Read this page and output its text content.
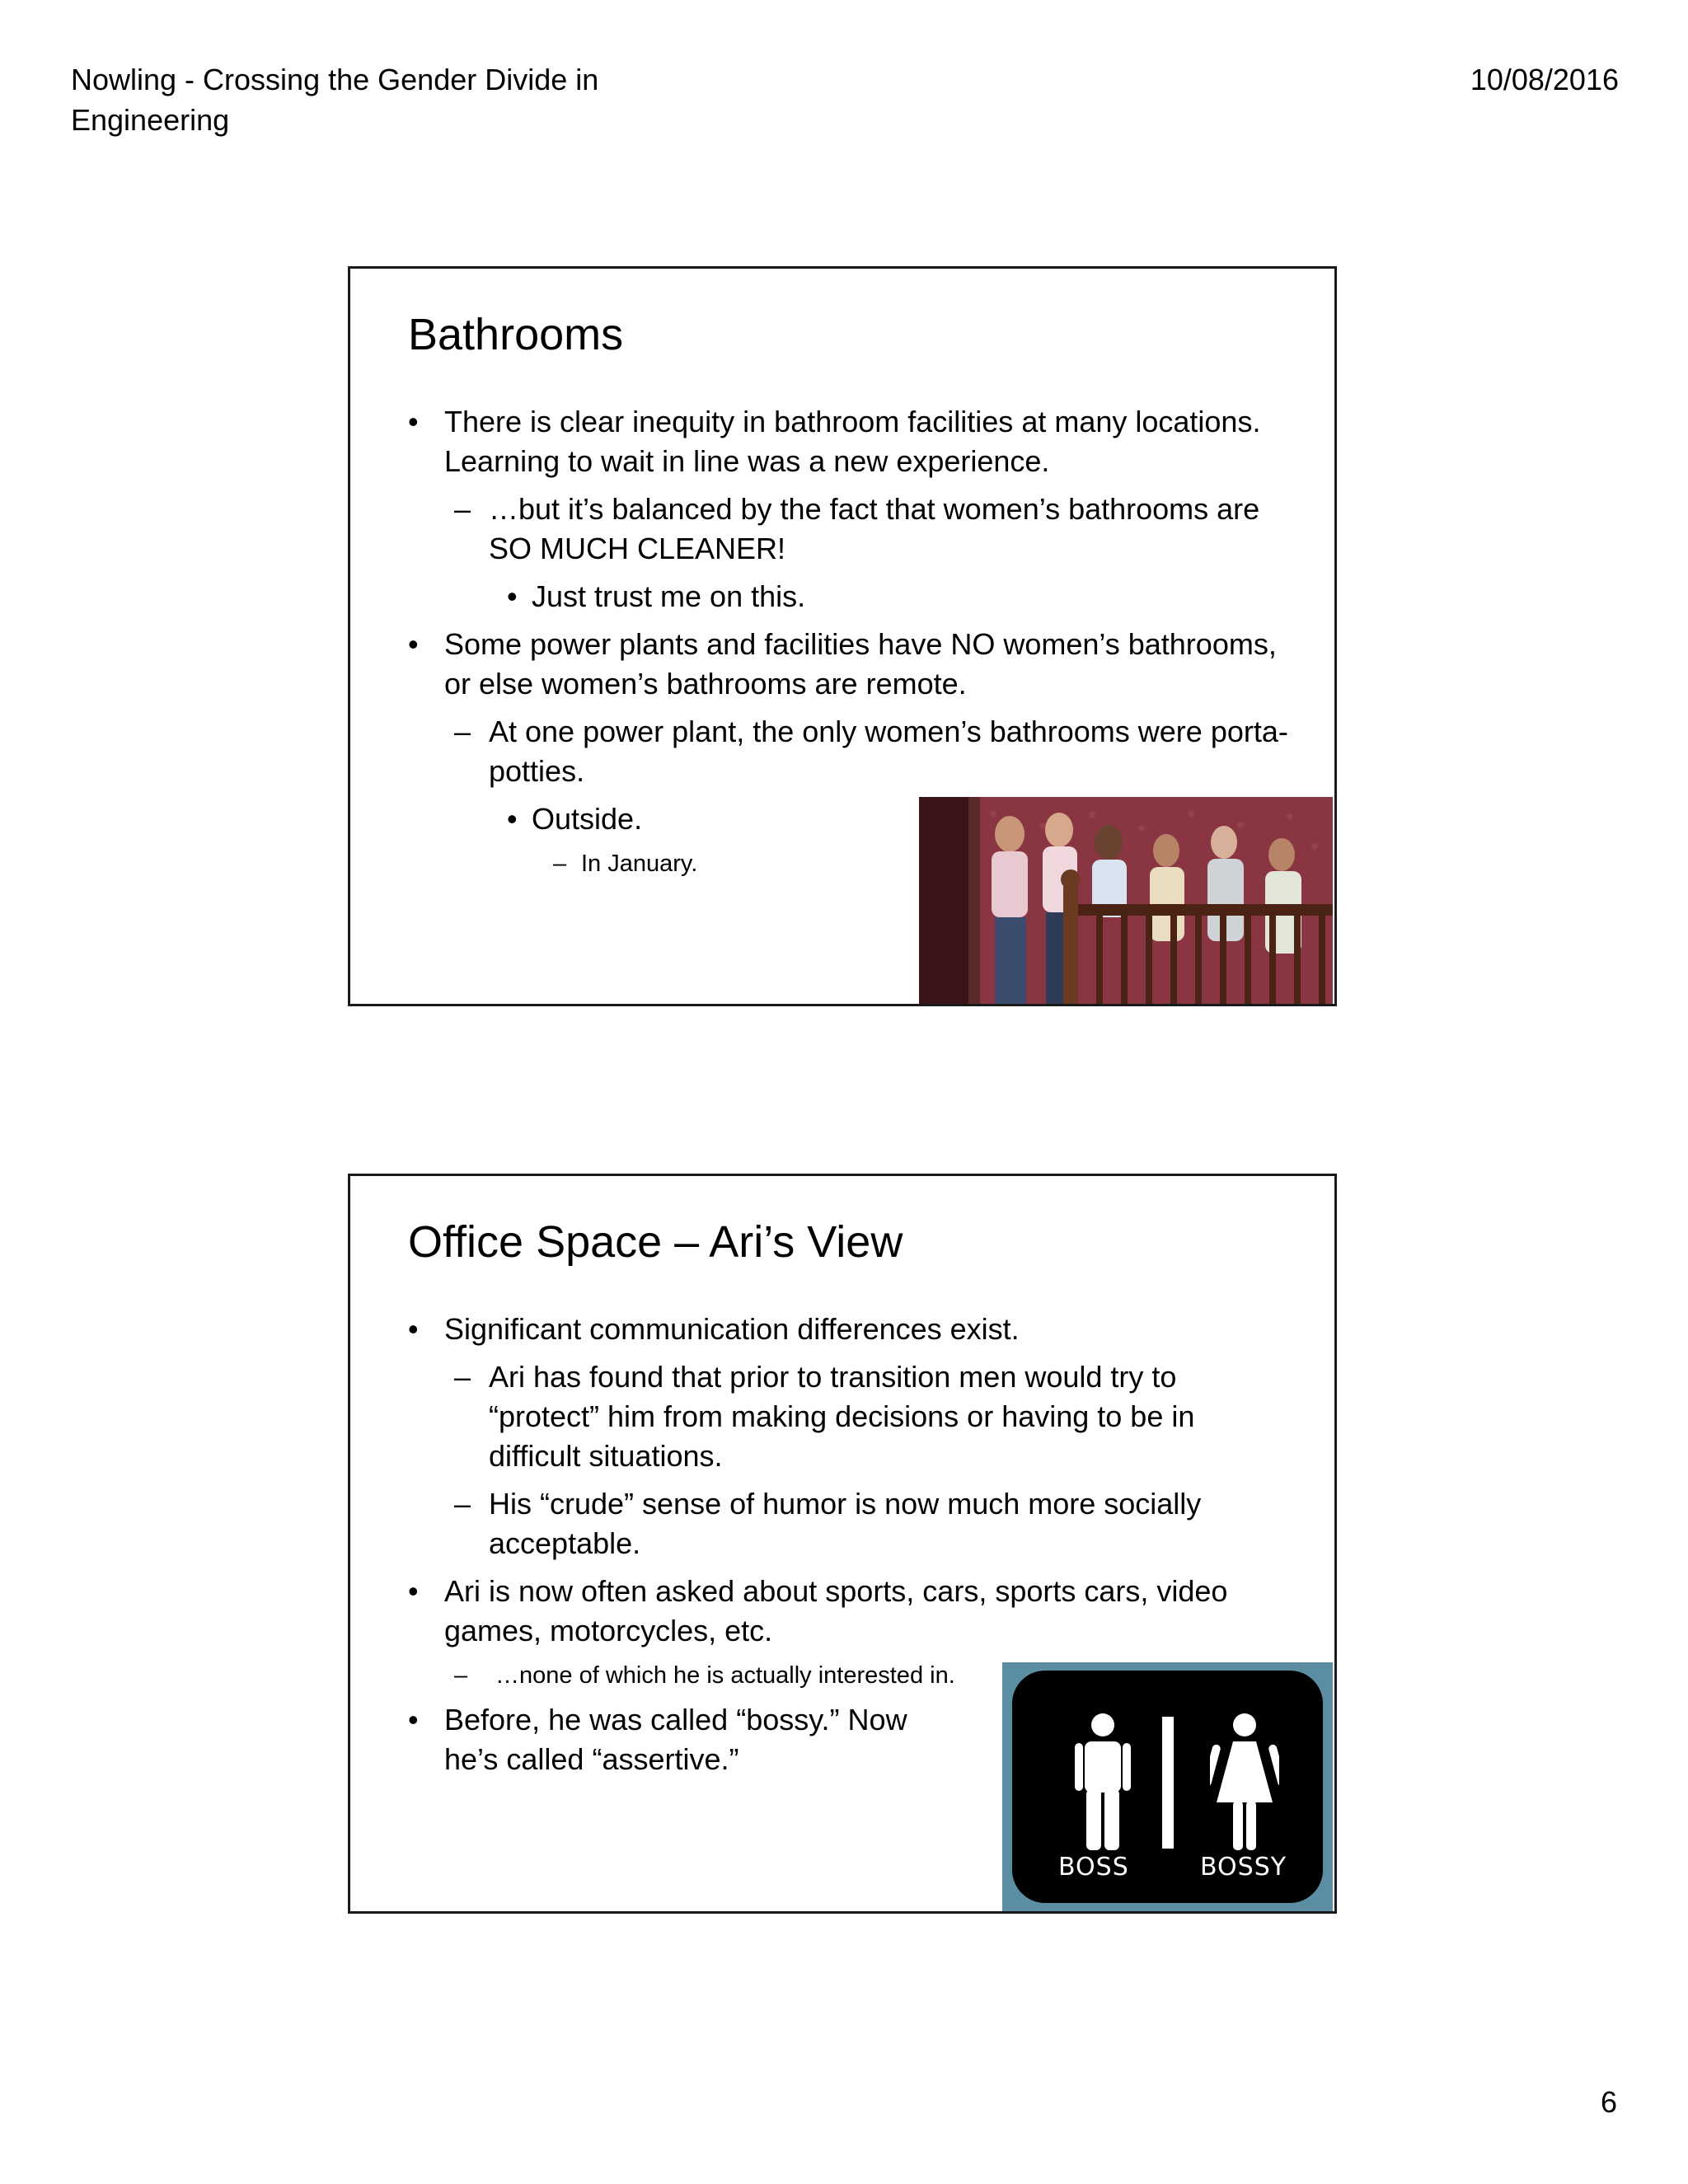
Nowling - Crossing the Gender Divide in Engineering
10/08/2016
Bathrooms
• There is clear inequity in bathroom facilities at many locations. Learning to wait in line was a new experience.
– …but it’s balanced by the fact that women’s bathrooms are SO MUCH CLEANER!
• Just trust me on this.
• Some power plants and facilities have NO women’s bathrooms, or else women’s bathrooms are remote.
– At one power plant, the only women’s bathrooms were porta-potties.
• Outside.
– In January.
Office Space – Ari’s View
• Significant communication differences exist.
– Ari has found that prior to transition men would try to “protect” him from making decisions or having to be in difficult situations.
– His “crude” sense of humor is now much more socially acceptable.
• Ari is now often asked about sports, cars, sports cars, video games, motorcycles, etc.
– …none of which he is actually interested in.
• Before, he was called “bossy.” Now he’s called “assertive.”
BOSS	BOSSY
6
